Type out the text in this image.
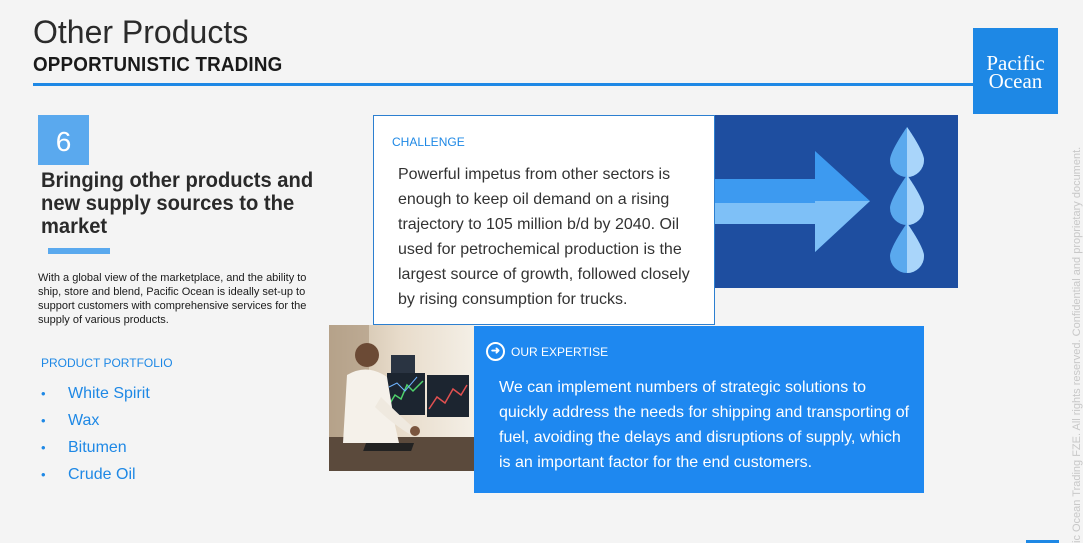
Other Products
OPPORTUNISTIC TRADING	Pacific
Ocean
6
Bringing other products and new supply sources to the market
With a global view of the marketplace, and the ability to ship, store and blend, Pacific Ocean is ideally set-up to support customers with comprehensive services for the supply of various products.
PRODUCT PORTFOLIO
•	White Spirit
•	Wax
•	Bitumen
•	Crude Oil
CHALLENGE
Powerful impetus from other sectors is enough to keep oil demand on a rising trajectory to 105 million b/d by 2040. Oil used for petrochemical production is the largest source of growth, followed closely by rising consumption for trucks.
➜ OUR EXPERTISE
We can implement numbers of strategic solutions to quickly address the needs for shipping and transporting of fuel, avoiding the delays and disruptions of supply, which is an important factor for the end customers.	ic Ocean Trading FZE. All rights reserved. Confidential and proprietary document.
